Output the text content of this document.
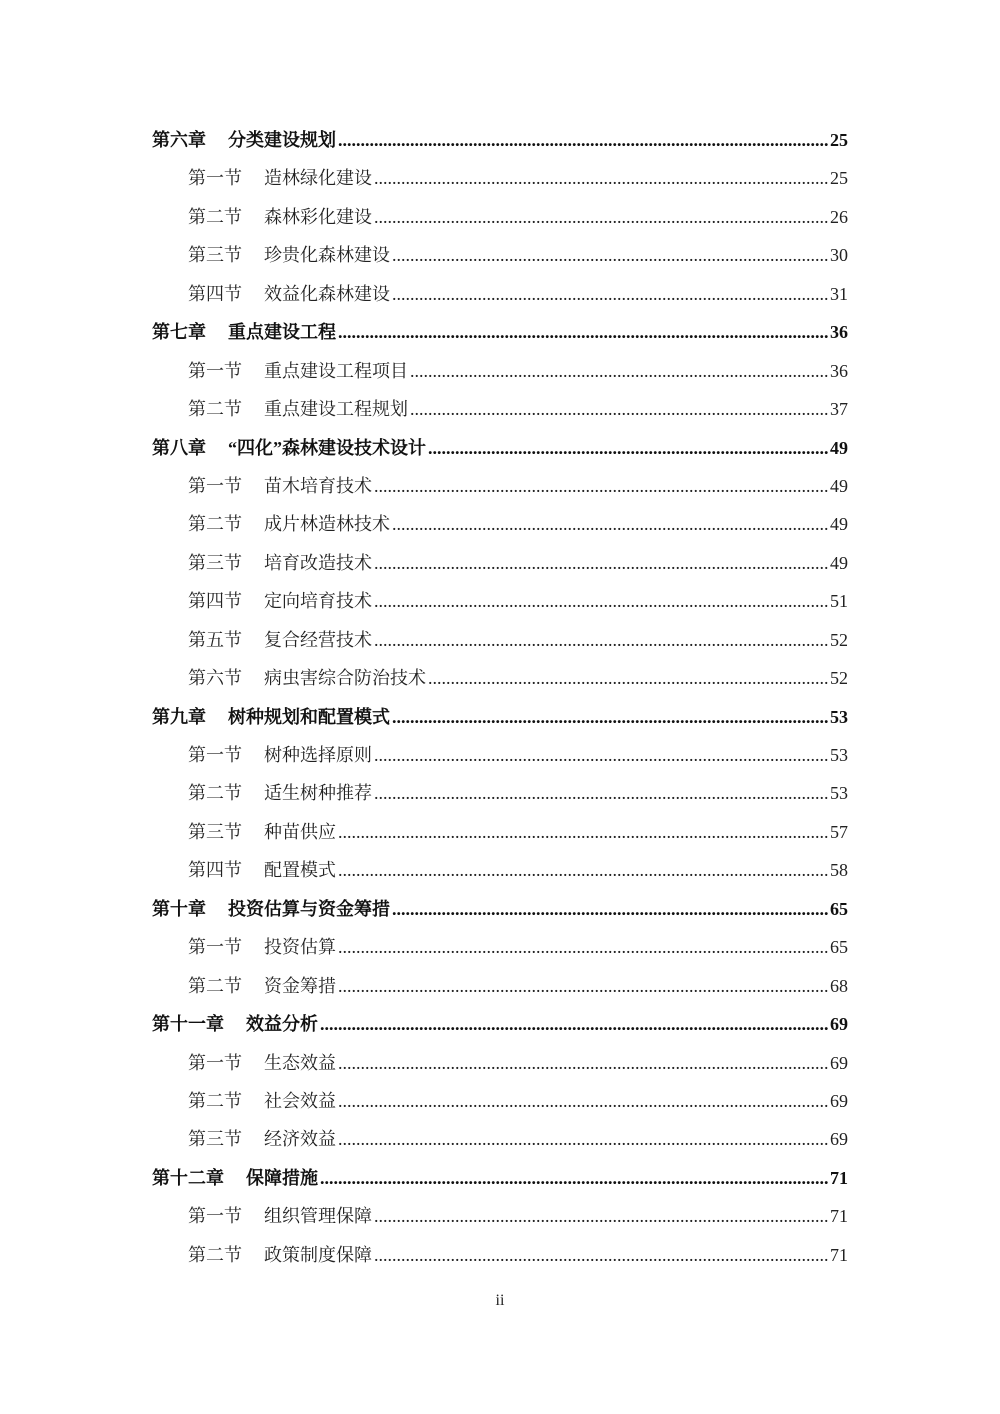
第六章 分类建设规划 .....	25
第一节 造林绿化建设 .....	25
第二节 森林彩化建设 .....	26
第三节 珍贵化森林建设 .....	30
第四节 效益化森林建设 .....	31
第七章 重点建设工程 .....	36
第一节 重点建设工程项目 .....	36
第二节 重点建设工程规划 .....	37
第八章 “四化”森林建设技术设计 .....	49
第一节 苗木培育技术 .....	49
第二节 成片林造林技术 .....	49
第三节 培育改造技术 .....	49
第四节 定向培育技术 .....	51
第五节 复合经营技术 .....	52
第六节 病虫害综合防治技术 .....	52
第九章 树种规划和配置模式 .....	53
第一节 树种选择原则 .....	53
第二节 适生树种推荐 .....	53
第三节 种苗供应 .....	57
第四节 配置模式 .....	58
第十章 投资估算与资金筹措 .....	65
第一节 投资估算 .....	65
第二节 资金筹措 .....	68
第十一章 效益分析 .....	69
第一节 生态效益 .....	69
第二节 社会效益 .....	69
第三节 经济效益 .....	69
第十二章 保障措施 .....	71
第一节 组织管理保障 .....	71
第二节 政策制度保障 .....	71
ii
